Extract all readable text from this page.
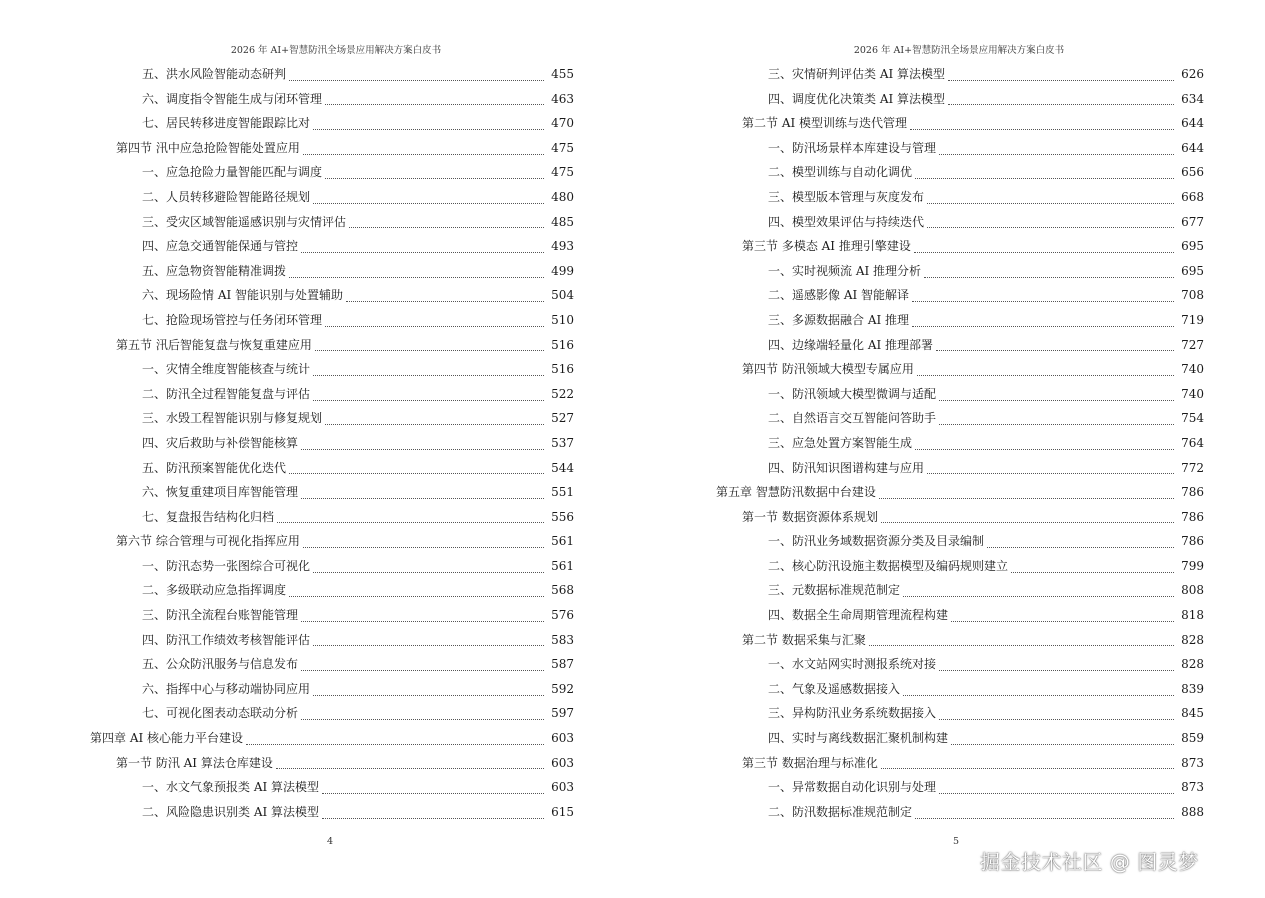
2026 年 AI+智慧防汛全场景应用解决方案白皮书
五、洪水风险智能动态研判	455
六、调度指令智能生成与闭环管理	463
七、居民转移进度智能跟踪比对	470
第四节 汛中应急抢险智能处置应用	475
一、应急抢险力量智能匹配与调度	475
二、人员转移避险智能路径规划	480
三、受灾区域智能遥感识别与灾情评估	485
四、应急交通智能保通与管控	493
五、应急物资智能精准调拨	499
六、现场险情 AI 智能识别与处置辅助	504
七、抢险现场管控与任务闭环管理	510
第五节 汛后智能复盘与恢复重建应用	516
一、灾情全维度智能核查与统计	516
二、防汛全过程智能复盘与评估	522
三、水毁工程智能识别与修复规划	527
四、灾后救助与补偿智能核算	537
五、防汛预案智能优化迭代	544
六、恢复重建项目库智能管理	551
七、复盘报告结构化归档	556
第六节 综合管理与可视化指挥应用	561
一、防汛态势一张图综合可视化	561
二、多级联动应急指挥调度	568
三、防汛全流程台账智能管理	576
四、防汛工作绩效考核智能评估	583
五、公众防汛服务与信息发布	587
六、指挥中心与移动端协同应用	592
七、可视化图表动态联动分析	597
第四章 AI 核心能力平台建设	603
第一节 防汛 AI 算法仓库建设	603
一、水文气象预报类 AI 算法模型	603
二、风险隐患识别类 AI 算法模型	615
4
2026 年 AI+智慧防汛全场景应用解决方案白皮书
三、灾情研判评估类 AI 算法模型	626
四、调度优化决策类 AI 算法模型	634
第二节 AI 模型训练与迭代管理	644
一、防汛场景样本库建设与管理	644
二、模型训练与自动化调优	656
三、模型版本管理与灰度发布	668
四、模型效果评估与持续迭代	677
第三节 多模态 AI 推理引擎建设	695
一、实时视频流 AI 推理分析	695
二、遥感影像 AI 智能解译	708
三、多源数据融合 AI 推理	719
四、边缘端轻量化 AI 推理部署	727
第四节 防汛领域大模型专属应用	740
一、防汛领域大模型微调与适配	740
二、自然语言交互智能问答助手	754
三、应急处置方案智能生成	764
四、防汛知识图谱构建与应用	772
第五章 智慧防汛数据中台建设	786
第一节 数据资源体系规划	786
一、防汛业务域数据资源分类及目录编制	786
二、核心防汛设施主数据模型及编码规则建立	799
三、元数据标准规范制定	808
四、数据全生命周期管理流程构建	818
第二节 数据采集与汇聚	828
一、水文站网实时测报系统对接	828
二、气象及遥感数据接入	839
三、异构防汛业务系统数据接入	845
四、实时与离线数据汇聚机制构建	859
第三节 数据治理与标准化	873
一、异常数据自动化识别与处理	873
二、防汛数据标准规范制定	888
5
掘金技术社区 @ 图灵梦
